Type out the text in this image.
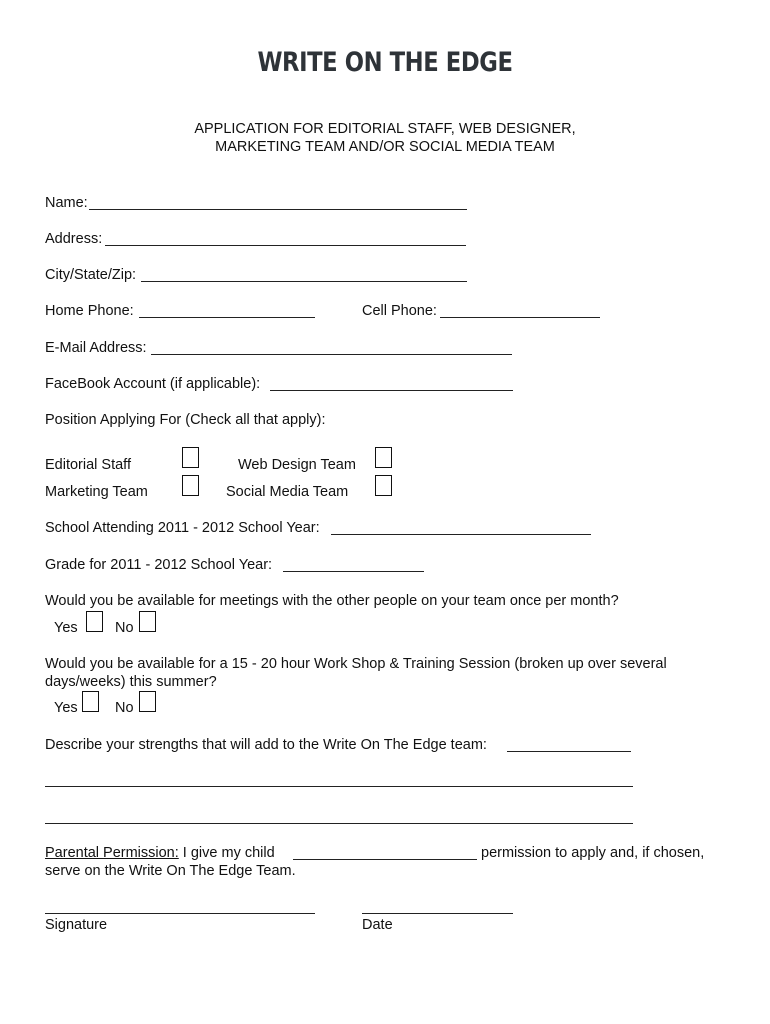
WRITE ON THE EDGE
APPLICATION FOR EDITORIAL STAFF, WEB DESIGNER,
MARKETING TEAM AND/OR SOCIAL MEDIA TEAM
Name:
Address:
City/State/Zip:
Home Phone:	Cell Phone:
E-Mail Address:
FaceBook Account (if applicable):
Position Applying For (Check all that apply):
Editorial Staff	Web Design Team
Marketing Team	Social Media Team
School Attending 2011 - 2012 School Year:
Grade for 2011 - 2012 School Year:
Would you be available for meetings with the other people on your team once per month?
Yes	No
Would you be available for a 15 - 20 hour Work Shop & Training Session (broken up over several
days/weeks) this summer?
Yes	No
Describe your strengths that will add to the Write On The Edge team:
Parental Permission: I give my child	permission to apply and, if chosen,
serve on the Write On The Edge Team.
Signature	Date
